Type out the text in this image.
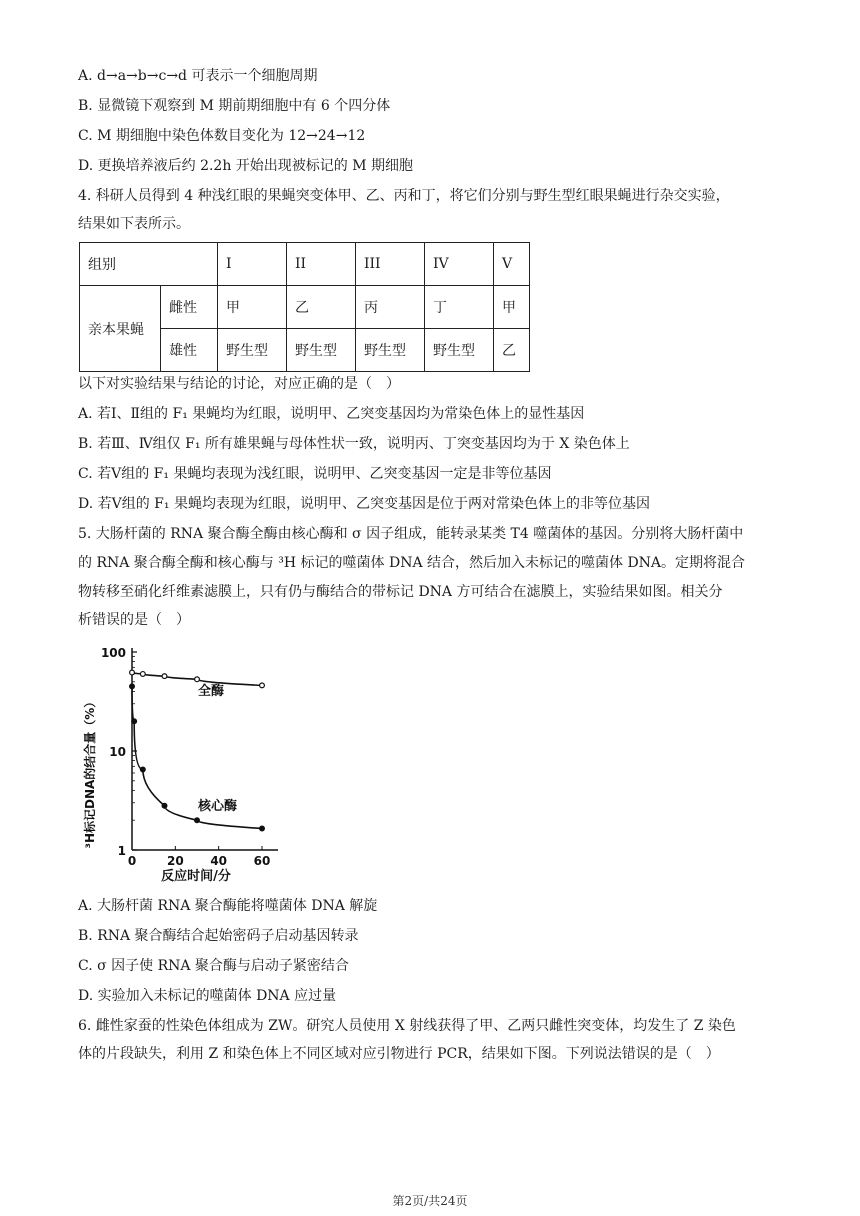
A. d→a→b→c→d 可表示一个细胞周期
B. 显微镜下观察到 M 期前期细胞中有 6 个四分体
C. M 期细胞中染色体数目变化为 12→24→12
D. 更换培养液后约 2.2h 开始出现被标记的 M 期细胞
4. 科研人员得到 4 种浅红眼的果蝇突变体甲、乙、丙和丁，将它们分别与野生型红眼果蝇进行杂交实验，
结果如下表所示。
组别		I	II	III	IV	V
亲本果蝇	雌性	甲	乙	丙	丁	甲
	雄性	野生型	野生型	野生型	野生型	乙
以下对实验结果与结论的讨论，对应正确的是（　）
A. 若Ⅰ、Ⅱ组的 F₁ 果蝇均为红眼，说明甲、乙突变基因均为常染色体上的显性基因
B. 若Ⅲ、Ⅳ组仅 F₁ 所有雄果蝇与母体性状一致，说明丙、丁突变基因均为于 X 染色体上
C. 若Ⅴ组的 F₁ 果蝇均表现为浅红眼，说明甲、乙突变基因一定是非等位基因
D. 若Ⅴ组的 F₁ 果蝇均表现为红眼，说明甲、乙突变基因是位于两对常染色体上的非等位基因
5. 大肠杆菌的 RNA 聚合酶全酶由核心酶和 σ 因子组成，能转录某类 T4 噬菌体的基因。分别将大肠杆菌中
的 RNA 聚合酶全酶和核心酶与 ³H 标记的噬菌体 DNA 结合，然后加入未标记的噬菌体 DNA。定期将混合
物转移至硝化纤维素滤膜上，只有仍与酶结合的带标记 DNA 方可结合在滤膜上，实验结果如图。相关分
析错误的是（　）
0	20 40 60
1
10
100
³H标记DNA的结合量（%）
反应时间/分
全酶
核心酶
A. 大肠杆菌 RNA 聚合酶能将噬菌体 DNA 解旋
B. RNA 聚合酶结合起始密码子启动基因转录
C. σ 因子使 RNA 聚合酶与启动子紧密结合
D. 实验加入未标记的噬菌体 DNA 应过量
6. 雌性家蚕的性染色体组成为 ZW。研究人员使用 X 射线获得了甲、乙两只雌性突变体，均发生了 Z 染色
体的片段缺失，利用 Z 和染色体上不同区域对应引物进行 PCR，结果如下图。下列说法错误的是（　）
第2页/共24页
